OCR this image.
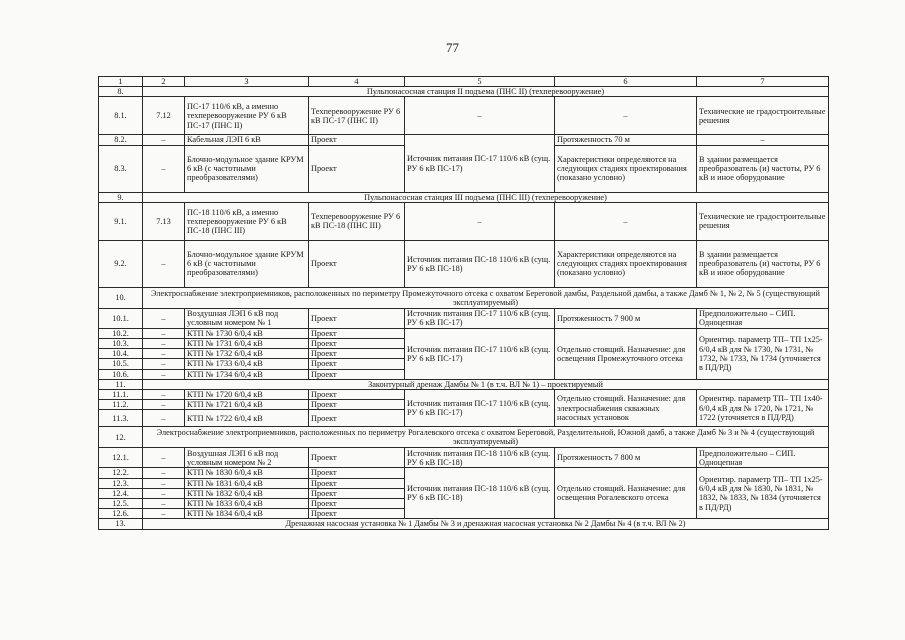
77
1	2	3	4	5	6	7
8.	Пульпонасосная станция II подъема (ПНС II) (техперевооружение)					
8.1.	7.12	ПС-17 110/6 кВ, а именно техперевооружение РУ 6 кВ ПС-17 (ПНС II)	Техперевооружение РУ 6 кВ ПС-17 (ПНС II)	–	–	Технические не градостроительные решения
8.2.	–	Кабельная ЛЭП 6 кВ	Проект	Источник питания ПС-17 110/6 кВ (сущ. РУ 6 кВ ПС-17)	Протяженность 70 м	–
8.3.	–	Блочно-модульное здание КРУМ 6 кВ (с частотными преобразователями)	Проект		Характеристики определяются на следующих стадиях проектирования (показано условно)	В здании размещается преобразователь (и) частоты, РУ 6 кВ и иное оборудование
9.	Пульпонасосная станция III подъема (ПНС III) (техперевооружение)					
9.1.	7.13	ПС-18 110/6 кВ, а именно техперевооружение РУ 6 кВ ПС-18 (ПНС III)	Техперевооружение РУ 6 кВ ПС-18 (ПНС III)	–	–	Технические не градостроительные решения
9.2.	–	Блочно-модульное здание КРУМ 6 кВ (с частотными преобразователями)	Проект	Источник питания ПС-18 110/6 кВ (сущ. РУ 6 кВ ПС-18)	Характеристики определяются на следующих стадиях проектирования (показано условно)	В здании размещается преобразователь (и) частоты, РУ 6 кВ и иное оборудование
10.	Электроснабжение электроприемников, расположенных по периметру Промежуточного отсека с охватом Береговой дамбы, Раздельной дамбы, а также Дамб № 1, № 2, № 5 (существующий эксплуатируемый)					
10.1.	–	Воздушная ЛЭП 6 кВ под условным номером № 1	Проект	Источник питания ПС-17 110/6 кВ (сущ. РУ 6 кВ ПС-17)	Протяженность 7 900 м	Предположительно – СИП. Одноцепная
10.2.	–	КТП № 1730 6/0,4 кВ	Проект	Источник питания ПС-17 110/6 кВ (сущ. РУ 6 кВ ПС-17)	Отдельно стоящий. Назначение: для освещения Промежуточного отсека	Ориентир. параметр ТП– ТП 1x25-6/0,4 кВ для № 1730, № 1731, № 1732, № 1733, № 1734 (уточняется в ПД/РД)
10.3.	–	КТП № 1731 6/0,4 кВ	Проект			
10.4.	–	КТП № 1732 6/0,4 кВ	Проект			
10.5.	–	КТП № 1733 6/0,4 кВ	Проект			
10.6.	–	КТП № 1734 6/0,4 кВ	Проект			
11.	Законтурный дренаж Дамбы № 1 (в т.ч. ВЛ № 1) – проектируемый					
11.1.	–	КТП № 1720 6/0,4 кВ	Проект	Источник питания ПС-17 110/6 кВ (сущ. РУ 6 кВ ПС-17)	Отдельно стоящий. Назначение: для электроснабжения скважных насосных установок	Ориентир. параметр ТП– ТП 1x40-6/0,4 кВ для № 1720, № 1721, № 1722 (уточняется в ПД/РД)
11.2.	–	КТП № 1721 6/0,4 кВ	Проект			
11.3.	–	КТП № 1722 6/0,4 кВ	Проект			
12.	Электроснабжение электроприемников, расположенных по периметру Рогалевского отсека с охватом Береговой, Разделительной, Южной дамб, а также Дамб № 3 и № 4 (существующий эксплуатируемый)					
12.1.	–	Воздушная ЛЭП 6 кВ под условным номером № 2	Проект	Источник питания ПС-18 110/6 кВ (сущ. РУ 6 кВ ПС-18)	Протяженность 7 800 м	Предположительно – СИП. Одноцепная
12.2.	–	КТП № 1830 6/0,4 кВ	Проект	Источник питания ПС-18 110/6 кВ (сущ. РУ 6 кВ ПС-18)	Отдельно стоящий. Назначение: для освещения Рогалевского отсека	Ориентир. параметр ТП– ТП 1x25-6/0,4 кВ для № 1830, № 1831, № 1832, № 1833, № 1834 (уточняется в ПД/РД)
12.3.	–	КТП № 1831 6/0,4 кВ	Проект			
12.4.	–	КТП № 1832 6/0,4 кВ	Проект			
12.5.	–	КТП № 1833 6/0,4 кВ	Проект			
12.6.	–	КТП № 1834 6/0,4 кВ	Проект			
13.	Дренажная насосная установка № 1 Дамбы № 3 и дренажная насосная установка № 2 Дамбы № 4 (в т.ч. ВЛ № 2)					
